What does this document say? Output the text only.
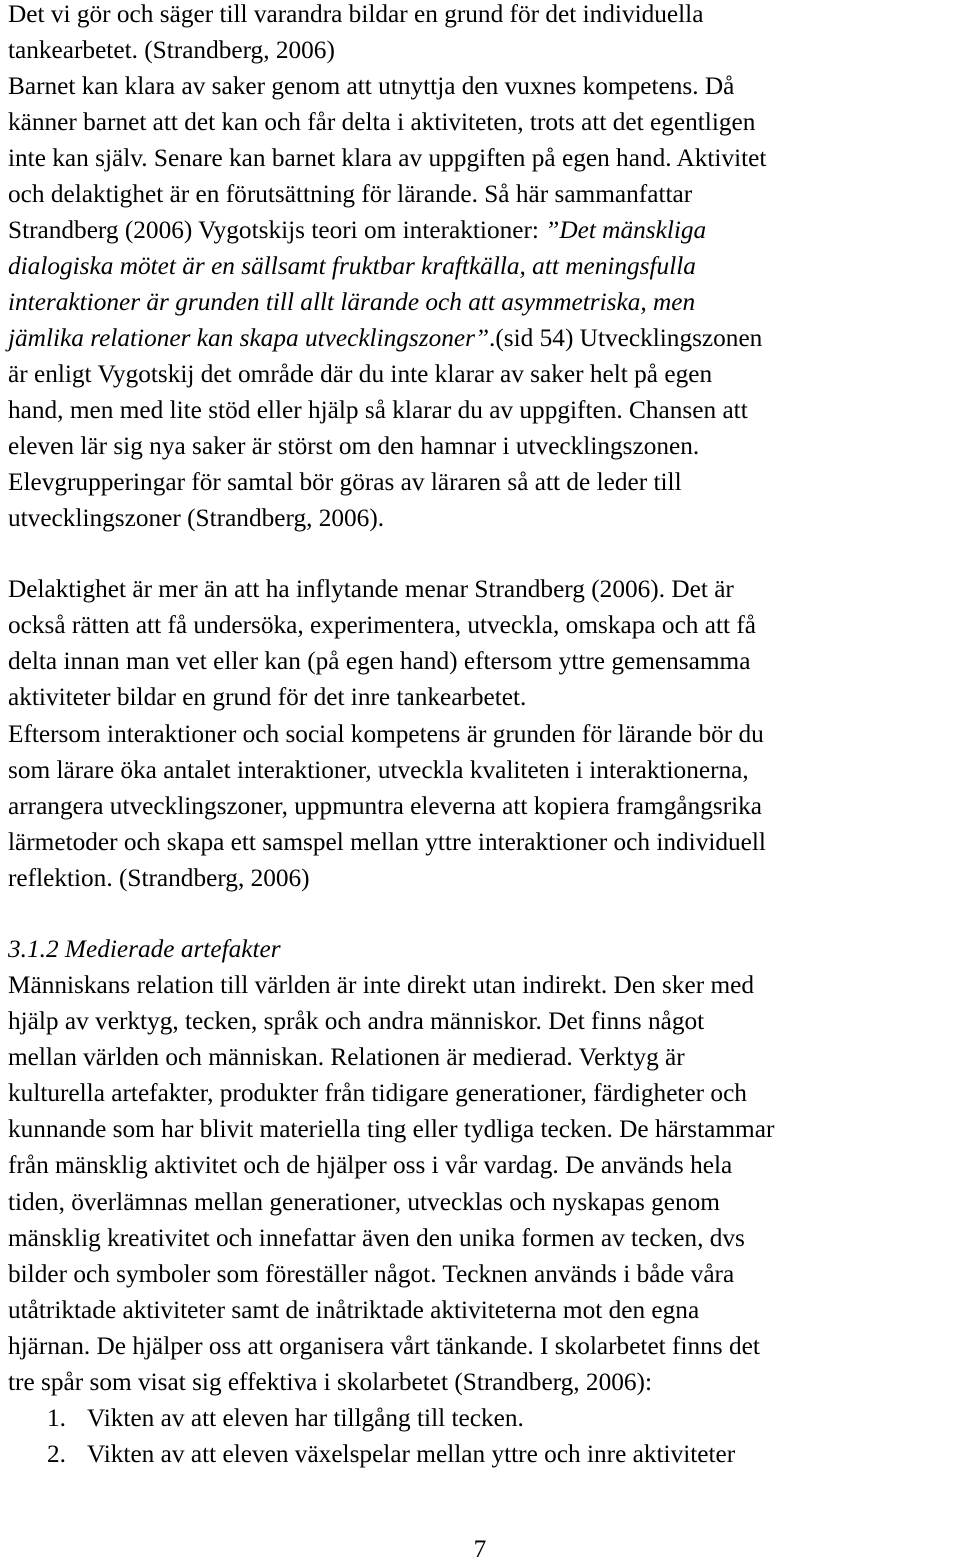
Det vi gör och säger till varandra bildar en grund för det individuella

tankearbetet. (Strandberg, 2006)

Barnet kan klara av saker genom att utnyttja den vuxnes kompetens. Då

känner barnet att det kan och får delta i aktiviteten, trots att det egentligen

inte kan själv. Senare kan barnet klara av uppgiften på egen hand. Aktivitet

och delaktighet är en förutsättning för lärande. Så här sammanfattar

Strandberg (2006) Vygotskijs teori om interaktioner: ”Det mänskliga

dialogiska mötet är en sällsamt fruktbar kraftkälla, att meningsfulla

interaktioner är grunden till allt lärande och att asymmetriska, men

jämlika relationer kan skapa utvecklingszoner”.(sid 54) Utvecklingszonen

är enligt Vygotskij det område där du inte klarar av saker helt på egen

hand, men med lite stöd eller hjälp så klarar du av uppgiften. Chansen att

eleven lär sig nya saker är störst om den hamnar i utvecklingszonen.

Elevgrupperingar för samtal bör göras av läraren så att de leder till

utvecklingszoner (Strandberg, 2006).

Delaktighet är mer än att ha inflytande menar Strandberg (2006). Det är

också rätten att få undersöka, experimentera, utveckla, omskapa och att få

delta innan man vet eller kan (på egen hand) eftersom yttre gemensamma

aktiviteter bildar en grund för det inre tankearbetet.

Eftersom interaktioner och social kompetens är grunden för lärande bör du

som lärare öka antalet interaktioner, utveckla kvaliteten i interaktionerna,

arrangera utvecklingszoner, uppmuntra eleverna att kopiera framgångsrika

lärmetoder och skapa ett samspel mellan yttre interaktioner och individuell

reflektion. (Strandberg, 2006)

3.1.2 Medierade artefakter

Människans relation till världen är inte direkt utan indirekt. Den sker med

hjälp av verktyg, tecken, språk och andra människor. Det finns något

mellan världen och människan. Relationen är medierad. Verktyg är

kulturella artefakter, produkter från tidigare generationer, färdigheter och

kunnande som har blivit materiella ting eller tydliga tecken. De härstammar

från mänsklig aktivitet och de hjälper oss i vår vardag. De används hela

tiden, överlämnas mellan generationer, utvecklas och nyskapas genom

mänsklig kreativitet och innefattar även den unika formen av tecken, dvs

bilder och symboler som föreställer något. Tecknen används i både våra

utåtriktade aktiviteter samt de inåtriktade aktiviteterna mot den egna

hjärnan. De hjälper oss att organisera vårt tänkande. I skolarbetet finns det

tre spår som visat sig effektiva i skolarbetet (Strandberg, 2006):

1. Vikten av att eleven har tillgång till tecken.
2. Vikten av att eleven växelspelar mellan yttre och inre aktiviteter
7
